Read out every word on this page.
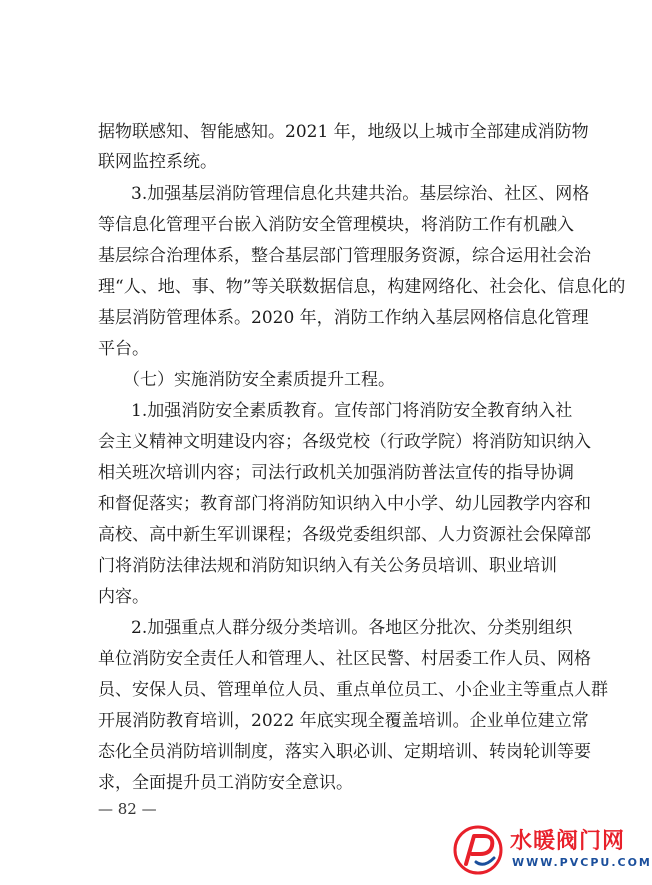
据物联感知、智能感知。2021 年，地级以上城市全部建成消防物
联网监控系统。
3.加强基层消防管理信息化共建共治。基层综治、社区、网格
等信息化管理平台嵌入消防安全管理模块，将消防工作有机融入
基层综合治理体系，整合基层部门管理服务资源，综合运用社会治
理“人、地、事、物”等关联数据信息，构建网络化、社会化、信息化的
基层消防管理体系。2020 年，消防工作纳入基层网格信息化管理
平台。
（七）实施消防安全素质提升工程。
1.加强消防安全素质教育。宣传部门将消防安全教育纳入社
会主义精神文明建设内容；各级党校（行政学院）将消防知识纳入
相关班次培训内容；司法行政机关加强消防普法宣传的指导协调
和督促落实；教育部门将消防知识纳入中小学、幼儿园教学内容和
高校、高中新生军训课程；各级党委组织部、人力资源社会保障部
门将消防法律法规和消防知识纳入有关公务员培训、职业培训
内容。
2.加强重点人群分级分类培训。各地区分批次、分类别组织
单位消防安全责任人和管理人、社区民警、村居委工作人员、网格
员、安保人员、管理单位人员、重点单位员工、小企业主等重点人群
开展消防教育培训，2022 年底实现全覆盖培训。企业单位建立常
态化全员消防培训制度，落实入职必训、定期培训、转岗轮训等要
求，全面提升员工消防安全意识。
— 82 —
水暖阀门网
WWW.PVCPU.COM
